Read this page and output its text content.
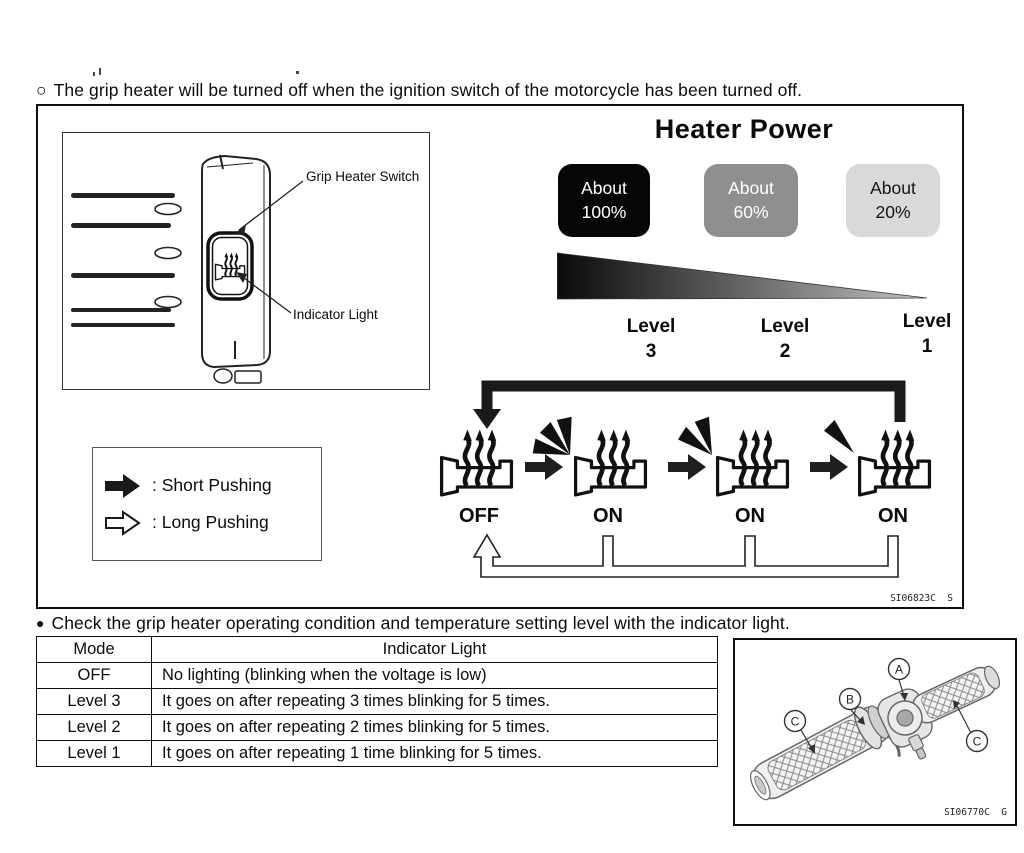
○ The grip heater will be turned off when the ignition switch of the motorcycle has been turned off.
Grip Heater Switch
Indicator Light
: Short Pushing
: Long Pushing
Heater Power
About
100%
About
60%
About
20%
Level
3
Level
2
Level
1
OFF	ON	ON	ON
SI06823C  S
● Check the grip heater operating condition and temperature setting level with the indicator light.
Mode	Indicator Light
OFF	No lighting (blinking when the voltage is low)
Level 3	It goes on after repeating 3 times blinking for 5 times.
Level 2	It goes on after repeating 2 times blinking for 5 times.
Level 1	It goes on after repeating 1 time blinking for 5 times.
A
B
C
C
SI06770C  G
